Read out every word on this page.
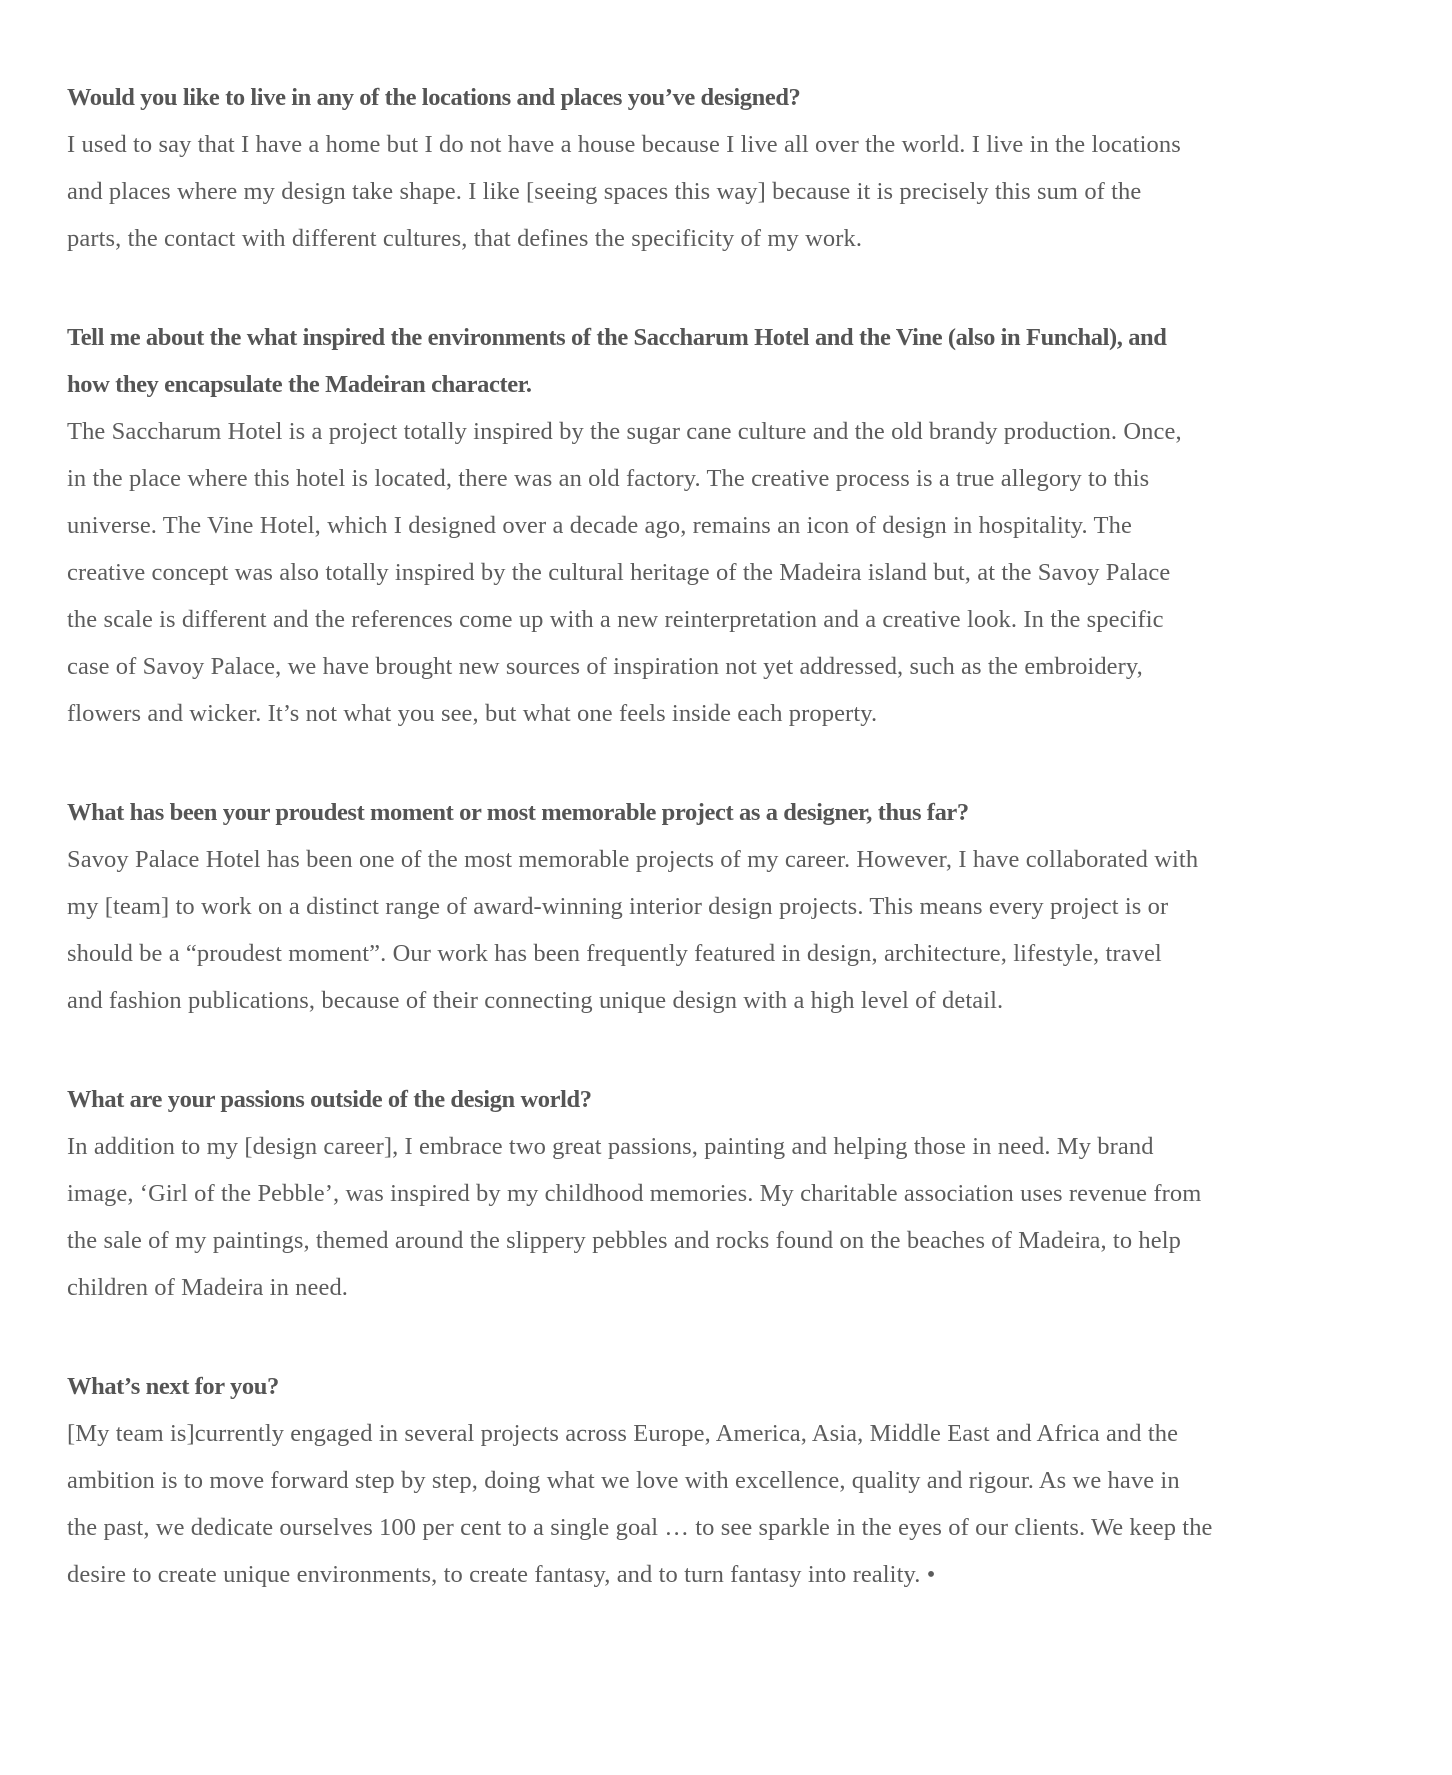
Would you like to live in any of the locations and places you’ve designed?

I used to say that I have a home but I do not have a house because I live all over the world. I live in the locations
and places where my design take shape. I like [seeing spaces this way] because it is precisely this sum of the
parts, the contact with different cultures, that defines the specificity of my work.

Tell me about the what inspired the environments of the Saccharum Hotel and the Vine (also in Funchal), and
how they encapsulate the Madeiran character.

The Saccharum Hotel is a project totally inspired by the sugar cane culture and the old brandy production. Once,
in the place where this hotel is located, there was an old factory. The creative process is a true allegory to this
universe. The Vine Hotel, which I designed over a decade ago, remains an icon of design in hospitality. The
creative concept was also totally inspired by the cultural heritage of the Madeira island but, at the Savoy Palace
the scale is different and the references come up with a new reinterpretation and a creative look. In the specific
case of Savoy Palace, we have brought new sources of inspiration not yet addressed, such as the embroidery,
flowers and wicker. It’s not what you see, but what one feels inside each property.

What has been your proudest moment or most memorable project as a designer, thus far?

Savoy Palace Hotel has been one of the most memorable projects of my career. However, I have collaborated with
my [team] to work on a distinct range of award-winning interior design projects. This means every project is or
should be a “proudest moment”. Our work has been frequently featured in design, architecture, lifestyle, travel
and fashion publications, because of their connecting unique design with a high level of detail.

What are your passions outside of the design world?

In addition to my [design career], I embrace two great passions, painting and helping those in need. My brand
image, ‘Girl of the Pebble’, was inspired by my childhood memories. My charitable association uses revenue from
the sale of my paintings, themed around the slippery pebbles and rocks found on the beaches of Madeira, to help
children of Madeira in need.

What’s next for you?

[My team is]currently engaged in several projects across Europe, America, Asia, Middle East and Africa and the
ambition is to move forward step by step, doing what we love with excellence, quality and rigour. As we have in
the past, we dedicate ourselves 100 per cent to a single goal … to see sparkle in the eyes of our clients. We keep the
desire to create unique environments, to create fantasy, and to turn fantasy into reality. •
